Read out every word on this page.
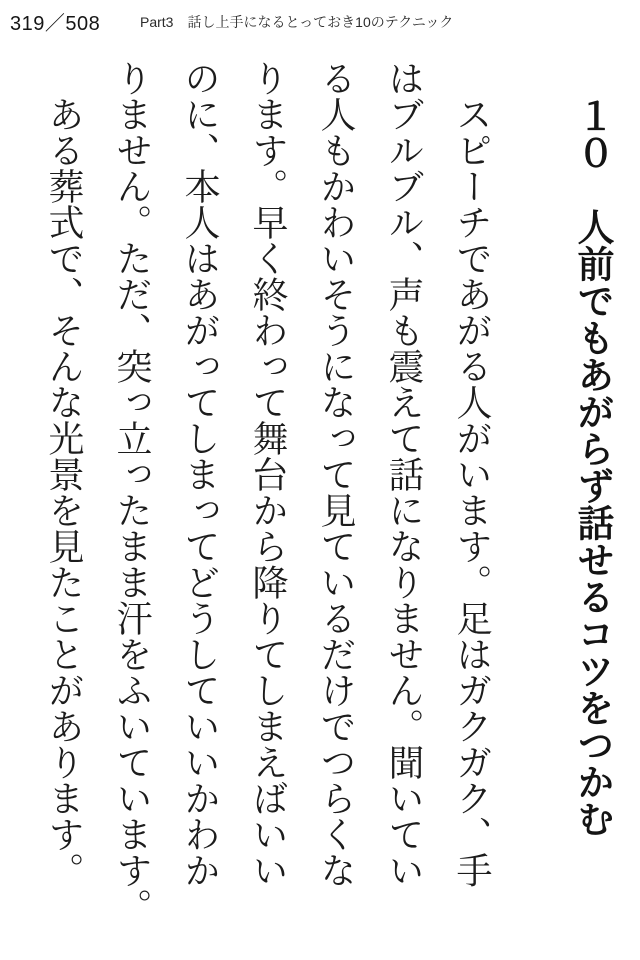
319／508	Part3　話し上手になるとっておき10のテクニック
１０　人前でもあがらず話せるコツをつかむ
スピーチであがる人がいます。足はガクガク、手
はブルブル、声も震えて話になりません。聞いてい
る人もかわいそうになって見ているだけでつらくな
ります。早く終わって舞台から降りてしまえばいい
のに、本人はあがってしまってどうしていいかわか
りません。ただ、突っ立ったまま汗をふいています。
ある葬式で、そんな光景を見たことがあります。
